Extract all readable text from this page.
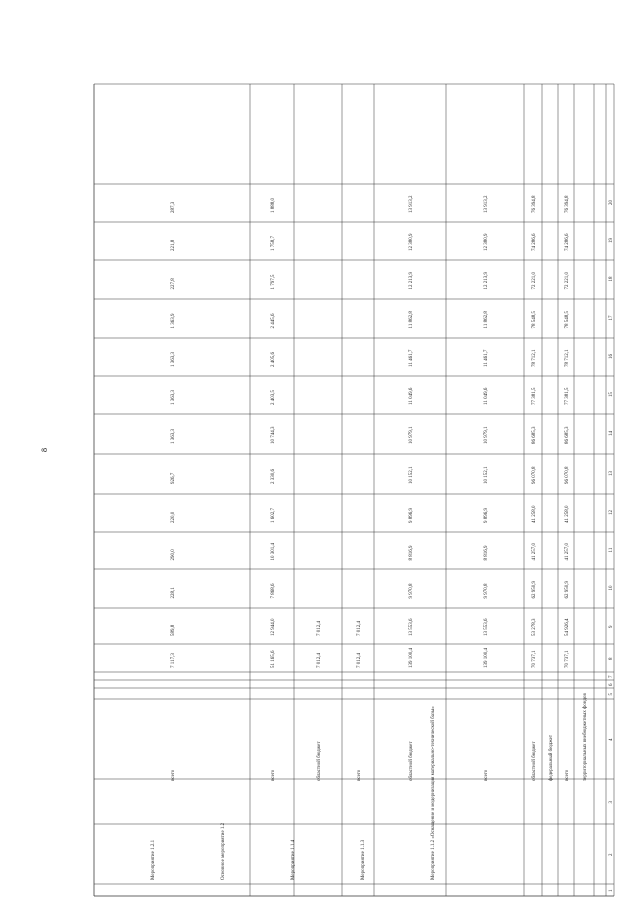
8
1
2
3
4
5
6
7
8
9
10
11
12
13
14
15
16
17
18
19
20
территориальных внебюджетных фондов
всего
70 737,1
54 926,4
62 950,9
41 257,0
41 258,0
96 070,8
86 685,3
77 381,5
78 712,1
78 548,5
72 221,0
74 286,6
76 394,8
федеральный бюджет
областной бюджет
70 737,1
53 278,3
62 950,9
41 257,0
41 258,0
96 070,8
86 685,3
77 381,5
78 712,1
78 548,5
72 221,0
74 286,6
76 394,8
всего
139 100,4
13 553,6
9 970,8
8 816,9
9 896,9
10 152,1
10 979,1
11 049,6
11 461,7
11 862,8
12 213,9
12 380,9
13 913,2
областной бюджет
139 100,4
13 553,6
9 970,8
8 816,9
9 896,9
10 152,1
10 979,1
11 049,6
11 461,7
11 862,8
12 213,9
12 380,9
13 913,2
всего
7 012,4
7 012,4
областной бюджет
7 012,4
7 012,4
всего
51 165,6
12 944,0
7 868,6
10 301,4
1 602,7
2 330,6
10 744,3
2 403,5
2 405,6
2 445,6
1 797,5
1 758,7
1 888,0
всего
7 117,3
589,8
228,1
290,0
220,0
926,7
1 363,3
1 363,3
1 363,3
1 363,9
227,8
221,8
287,3
Мероприятие 1.1.2 «Оснащение и модернизация материально-технической базы»
Мероприятие 1.1.3
Мероприятие 1.1.4
Основное мероприятие 1.2
Мероприятие 1.2.1
